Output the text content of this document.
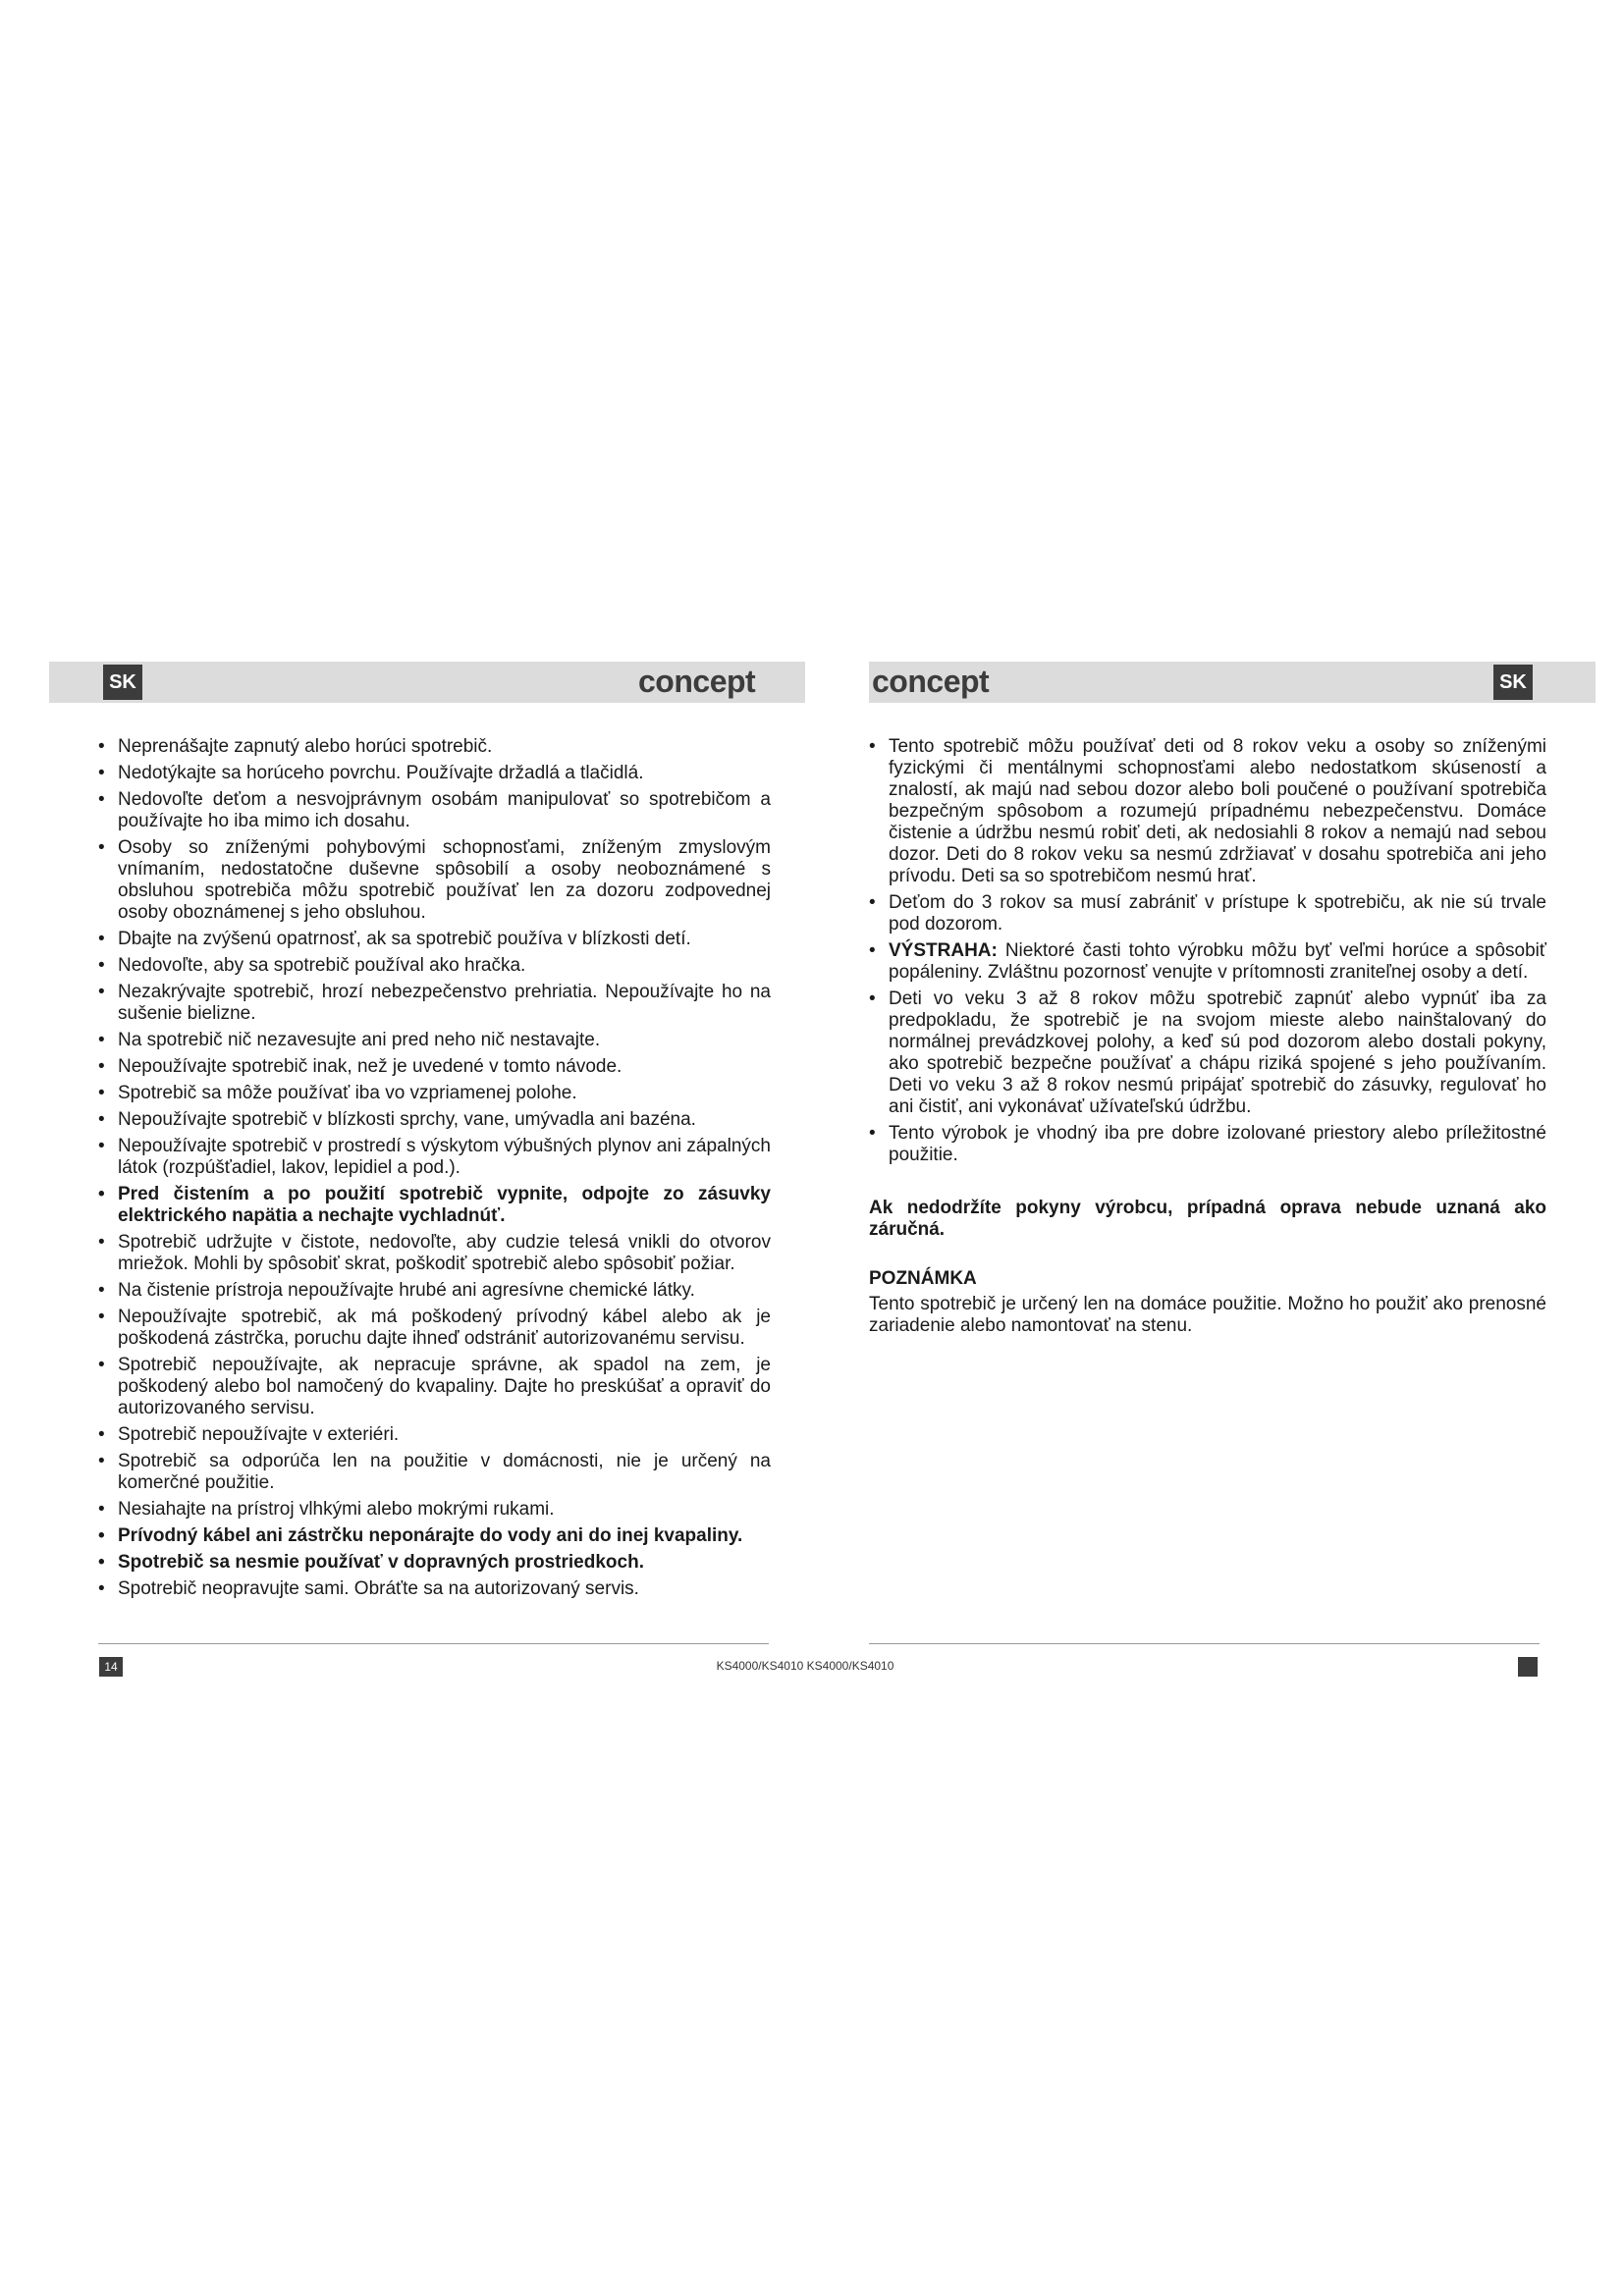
SK	SK
concept	concept
• Neprenášajte zapnutý alebo horúci spotrebič.
• Nedotýkajte sa horúceho povrchu. Používajte držadlá a tlačidlá.
• Nedovoľte deťom a nesvojprávnym osobám manipulovať so spotrebičom a používajte ho iba mimo ich dosahu.
• Osoby so zníženými pohybovými schopnosťami, zníženým zmyslovým vnímaním, nedostatočne duševne spôsobilí a osoby neoboznámené s obsluhou spotrebiča môžu spotrebič používať len za dozoru zodpovednej osoby oboznámenej s jeho obsluhou.
• Dbajte na zvýšenú opatrnosť, ak sa spotrebič používa v blízkosti detí.
• Nedovoľte, aby sa spotrebič používal ako hračka.
• Nezakrývajte spotrebič, hrozí nebezpečenstvo prehriatia. Nepoužívajte ho na sušenie bielizne.
• Na spotrebič nič nezavesujte ani pred neho nič nestavajte.
• Nepoužívajte spotrebič inak, než je uvedené v tomto návode.
• Spotrebič sa môže používať iba vo vzpriamenej polohe.
• Nepoužívajte spotrebič v blízkosti sprchy, vane, umývadla ani bazéna.
• Nepoužívajte spotrebič v prostredí s výskytom výbušných plynov ani zápalných látok (rozpúšťadiel, lakov, lepidiel a pod.).
• Pred čistením a po použití spotrebič vypnite, odpojte zo zásuvky elektrického napätia a nechajte vychladnúť.
• Spotrebič udržujte v čistote, nedovoľte, aby cudzie telesá vnikli do otvorov mriežok. Mohli by spôsobiť skrat, poškodiť spotrebič alebo spôsobiť požiar.
• Na čistenie prístroja nepoužívajte hrubé ani agresívne chemické látky.
• Nepoužívajte spotrebič, ak má poškodený prívodný kábel alebo ak je poškodená zástrčka, poruchu dajte ihneď odstrániť autorizovanému servisu.
• Spotrebič nepoužívajte, ak nepracuje správne, ak spadol na zem, je poškodený alebo bol namočený do kvapaliny. Dajte ho preskúšať a opraviť do autorizovaného servisu.
• Spotrebič nepoužívajte v exteriéri.
• Spotrebič sa odporúča len na použitie v domácnosti, nie je určený na komerčné použitie.
• Nesiahajte na prístroj vlhkými alebo mokrými rukami.
• Prívodný kábel ani zástrčku neponárajte do vody ani do inej kvapaliny.
• Spotrebič sa nesmie používať v dopravných prostriedkoch.
• Spotrebič neopravujte sami. Obráťte sa na autorizovaný servis.
• Tento spotrebič môžu používať deti od 8 rokov veku a osoby so zníženými fyzickými či mentálnymi schopnosťami alebo nedostatkom skúseností a znalostí, ak majú nad sebou dozor alebo boli poučené o používaní spotrebiča bezpečným spôsobom a rozumejú prípadnému nebezpečenstvu. Domáce čistenie a údržbu nesmú robiť deti, ak nedosiahli 8 rokov a nemajú nad sebou dozor. Deti do 8 rokov veku sa nesmú zdržiavať v dosahu spotrebiča ani jeho prívodu. Deti sa so spotrebičom nesmú hrať.
• Deťom do 3 rokov sa musí zabrániť v prístupe k spotrebiču, ak nie sú trvale pod dozorom.
• VÝSTRAHA: Niektoré časti tohto výrobku môžu byť veľmi horúce a spôsobiť popáleniny. Zvláštnu pozornosť venujte v prítomnosti zraniteľnej osoby a detí.
• Deti vo veku 3 až 8 rokov môžu spotrebič zapnúť alebo vypnúť iba za predpokladu, že spotrebič je na svojom mieste alebo nainštalovaný do normálnej prevádzkovej polohy, a keď sú pod dozorom alebo dostali pokyny, ako spotrebič bezpečne používať a chápu riziká spojené s jeho používaním. Deti vo veku 3 až 8 rokov nesmú pripájať spotrebič do zásuvky, regulovať ho ani čistiť, ani vykonávať užívateľskú údržbu.
• Tento výrobok je vhodný iba pre dobre izolované priestory alebo príležitostné použitie.
Ak nedodržíte pokyny výrobcu, prípadná oprava nebude uznaná ako záručná.
POZNÁMKA
Tento spotrebič je určený len na domáce použitie. Možno ho použiť ako prenosné zariadenie alebo namontovať na stenu.
14	KS4000/KS4010 KS4000/KS4010
